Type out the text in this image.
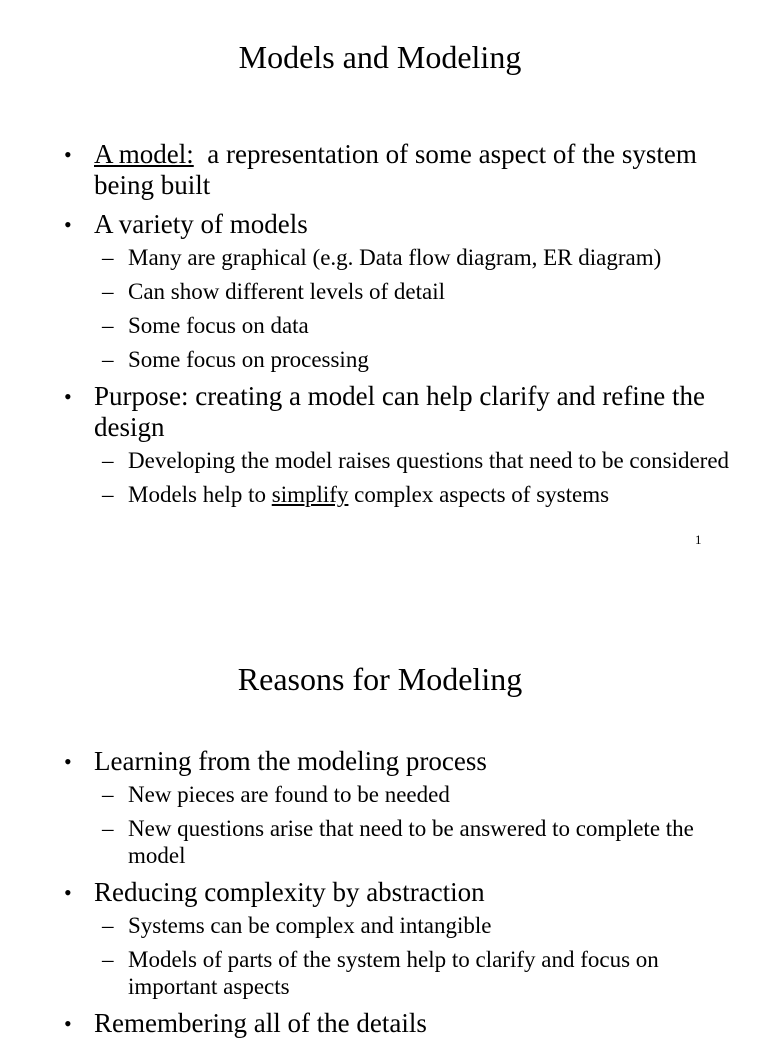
Models and Modeling
• A model: a representation of some aspect of the system being built
• A variety of models
– Many are graphical (e.g. Data flow diagram, ER diagram)
– Can show different levels of detail
– Some focus on data
– Some focus on processing
• Purpose: creating a model can help clarify and refine the design
– Developing the model raises questions that need to be considered
– Models help to simplify complex aspects of systems
1
Reasons for Modeling
• Learning from the modeling process
– New pieces are found to be needed
– New questions arise that need to be answered to complete the model
• Reducing complexity by abstraction
– Systems can be complex and intangible
– Models of parts of the system help to clarify and focus on important aspects
• Remembering all of the details
